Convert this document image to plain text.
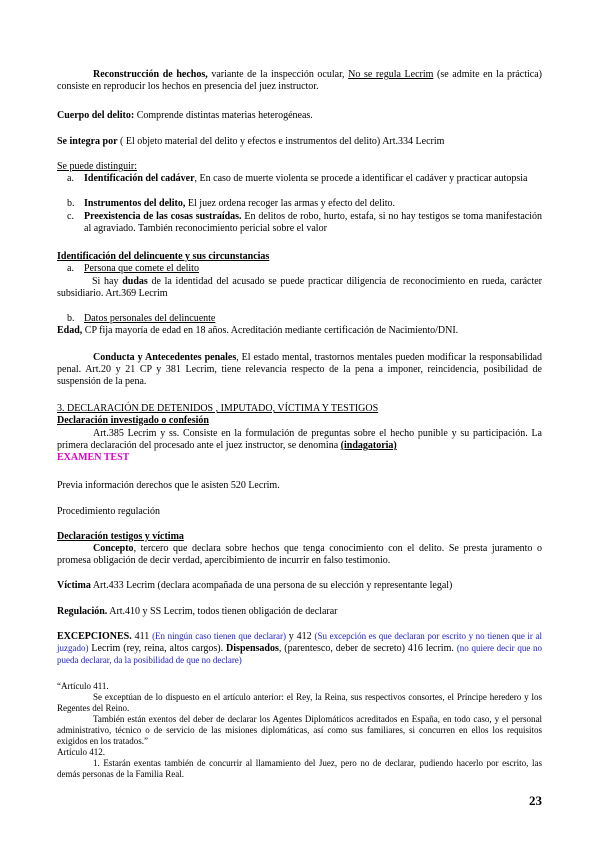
Reconstrucción de hechos, variante de la inspección ocular, No se regula Lecrim (se admite en la práctica) consiste en reproducir los hechos en presencia del juez instructor.
Cuerpo del delito: Comprende distintas materias heterogéneas.
Se integra por ( El objeto material del delito y efectos e instrumentos del delito) Art.334 Lecrim
Se puede distinguir:
a. Identificación del cadáver, En caso de muerte violenta se procede a identificar el cadáver y practicar autopsia
b. Instrumentos del delito, El juez ordena recoger las armas y efecto del delito.
c. Preexistencia de las cosas sustraídas. En delitos de robo, hurto, estafa, si no hay testigos se toma manifestación al agraviado. También reconocimiento pericial sobre el valor
Identificación del delincuente y sus circunstancias
a. Persona que comete el delito
Si hay dudas de la identidad del acusado se puede practicar diligencia de reconocimiento en rueda, carácter subsidiario. Art.369 Lecrim
b. Datos personales del delincuente
Edad, CP fija mayoría de edad en 18 años. Acreditación mediante certificación de Nacimiento/DNI.
Conducta y Antecedentes penales, El estado mental, trastornos mentales pueden modificar la responsabilidad penal. Art.20 y 21 CP y 381 Lecrim, tiene relevancia respecto de la pena a imponer, reincidencia, posibilidad de suspensión de la pena.
3. DECLARACIÓN DE DETENIDOS , IMPUTADO, VÍCTIMA Y TESTIGOS
Declaración investigado o confesión
Art.385 Lecrim y ss. Consiste en la formulación de preguntas sobre el hecho punible y su participación. La primera declaración del procesado ante el juez instructor, se denomina (indagatoria)
EXAMEN TEST
Previa información derechos que le asisten 520 Lecrim.
Procedimiento regulación
Declaración testigos y víctima
Concepto, tercero que declara sobre hechos que tenga conocimiento con el delito. Se presta juramento o promesa obligación de decir verdad, apercibimiento de incurrir en falso testimonio.
Víctima Art.433 Lecrim (declara acompañada de una persona de su elección y representante legal)
Regulación. Art.410 y SS Lecrim, todos tienen obligación de declarar
EXCEPCIONES. 411 (En ningún caso tienen que declarar) y 412 (Su excepción es que declaran por escrito y no tienen que ir al juzgado) Lecrim (rey, reina, altos cargos). Dispensados, (parentesco, deber de secreto) 416 lecrim. (no quiere decir que no pueda declarar, da la posibilidad de que no declare)
“Artículo 411.
Se exceptúan de lo dispuesto en el artículo anterior: el Rey, la Reina, sus respectivos consortes, el Príncipe heredero y los Regentes del Reino.
También están exentos del deber de declarar los Agentes Diplomáticos acreditados en España, en todo caso, y el personal administrativo, técnico o de servicio de las misiones diplomáticas, así como sus familiares, si concurren en ellos los requisitos exigidos en los tratados.”
Artículo 412.
1. Estarán exentas también de concurrir al llamamiento del Juez, pero no de declarar, pudiendo hacerlo por escrito, las demás personas de la Familia Real.
23
